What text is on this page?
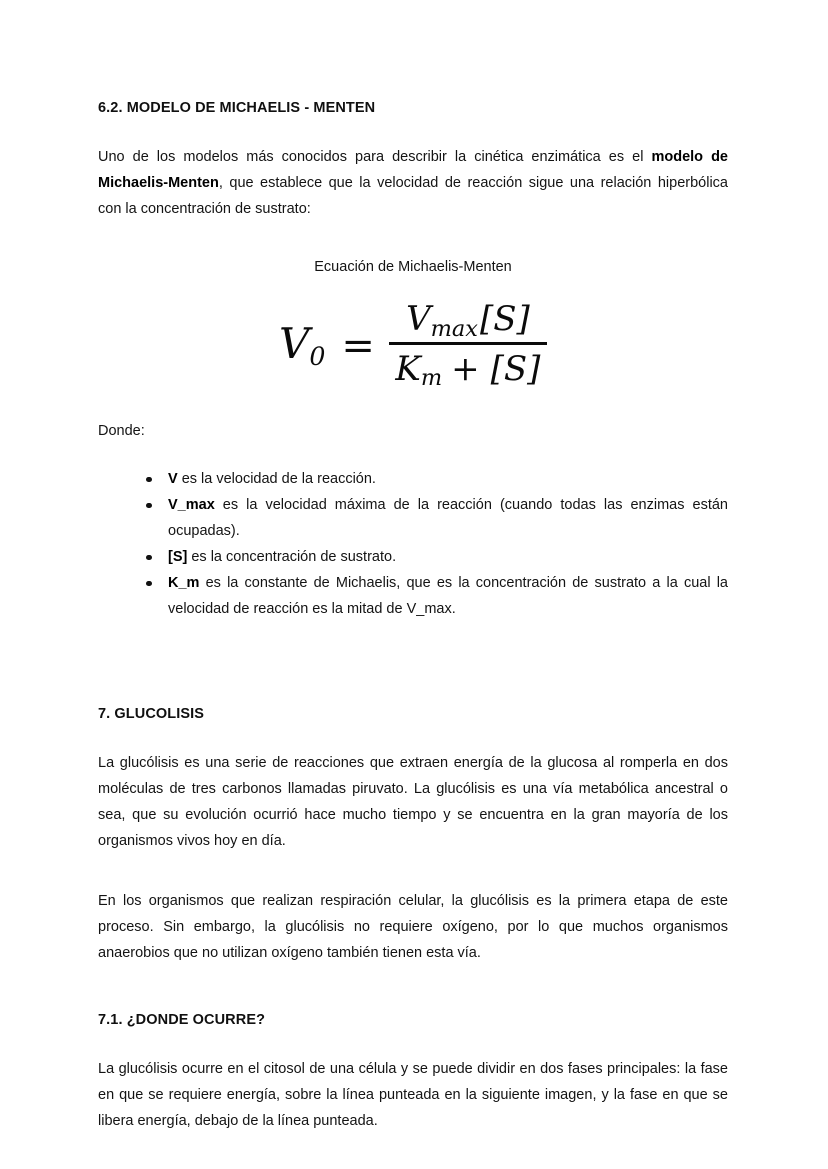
6.2. MODELO DE MICHAELIS - MENTEN

Uno de los modelos más conocidos para describir la cinética enzimática es el modelo de Michaelis-Menten, que establece que la velocidad de reacción sigue una relación hiperbólica con la concentración de sustrato:

Ecuación de Michaelis-Menten
V $0 = \frac{\text{V max [S]}}{\text{K m + [S]}}$

Donde:

V es la velocidad de la reacción.
V_max es la velocidad máxima de la reacción (cuando todas las enzimas están ocupadas).
[S] es la concentración de sustrato.
K_m es la constante de Michaelis, que es la concentración de sustrato a la cual la velocidad de reacción es la mitad de V_max.
7. GLUCOLISIS

La glucólisis es una serie de reacciones que extraen energía de la glucosa al romperla en dos moléculas de tres carbonos llamadas piruvato. La glucólisis es una vía metabólica ancestral o sea, que su evolución ocurrió hace mucho tiempo y se encuentra en la gran mayoría de los organismos vivos hoy en día.

En los organismos que realizan respiración celular, la glucólisis es la primera etapa de este proceso. Sin embargo, la glucólisis no requiere oxígeno, por lo que muchos organismos anaerobios que no utilizan oxígeno también tienen esta vía.

7.1. ¿DONDE OCURRE?

La glucólisis ocurre en el citosol de una célula y se puede dividir en dos fases principales: la fase en que se requiere energía, sobre la línea punteada en la siguiente imagen, y la fase en que se libera energía, debajo de la línea punteada.
